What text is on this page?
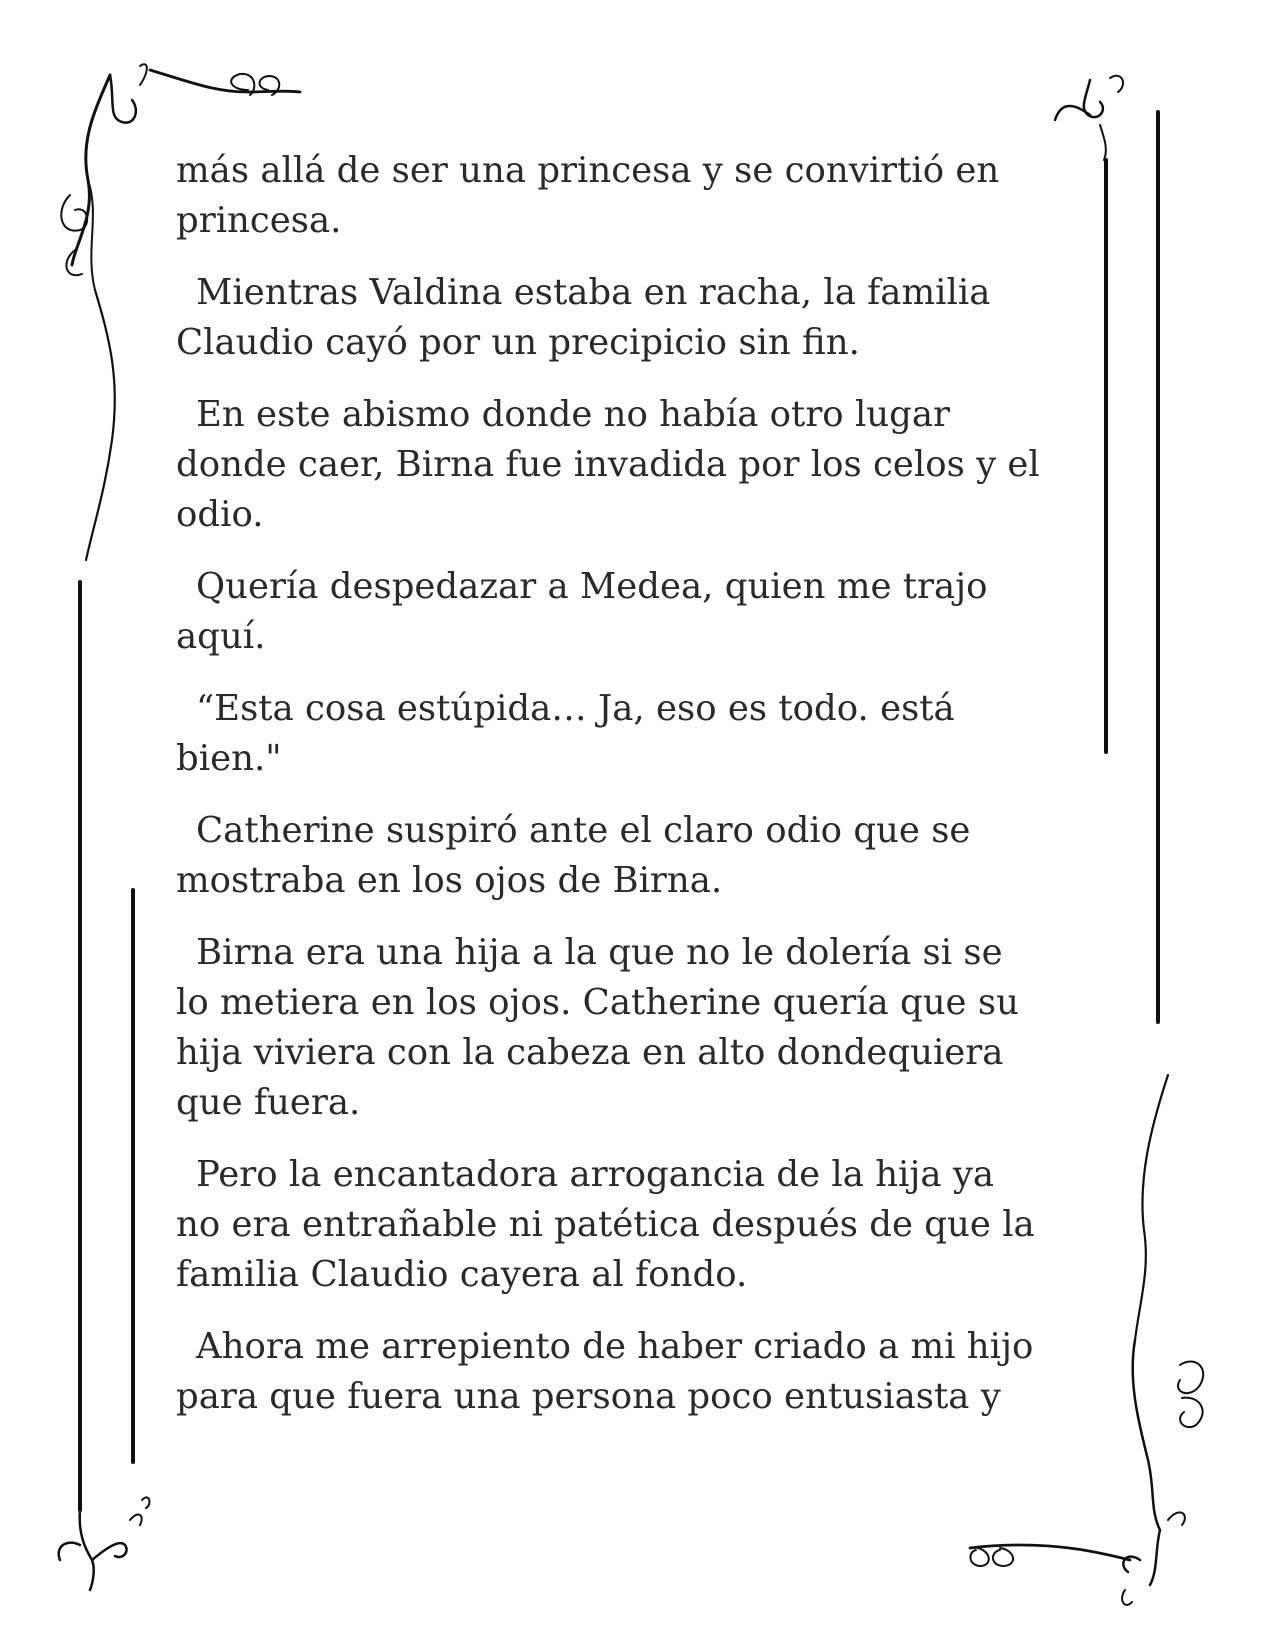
más allá de ser una princesa y se convirtió en
princesa.

Mientras Valdina estaba en racha, la familia
Claudio cayó por un precipicio sin fin.

En este abismo donde no había otro lugar
donde caer, Birna fue invadida por los celos y el
odio.

Quería despedazar a Medea, quien me trajo
aquí.

“Esta cosa estúpida… Ja, eso es todo. está
bien."

Catherine suspiró ante el claro odio que se
mostraba en los ojos de Birna.

Birna era una hija a la que no le dolería si se
lo metiera en los ojos. Catherine quería que su
hija viviera con la cabeza en alto dondequiera
que fuera.

Pero la encantadora arrogancia de la hija ya
no era entrañable ni patética después de que la
familia Claudio cayera al fondo.

Ahora me arrepiento de haber criado a mi hijo
para que fuera una persona poco entusiasta y
